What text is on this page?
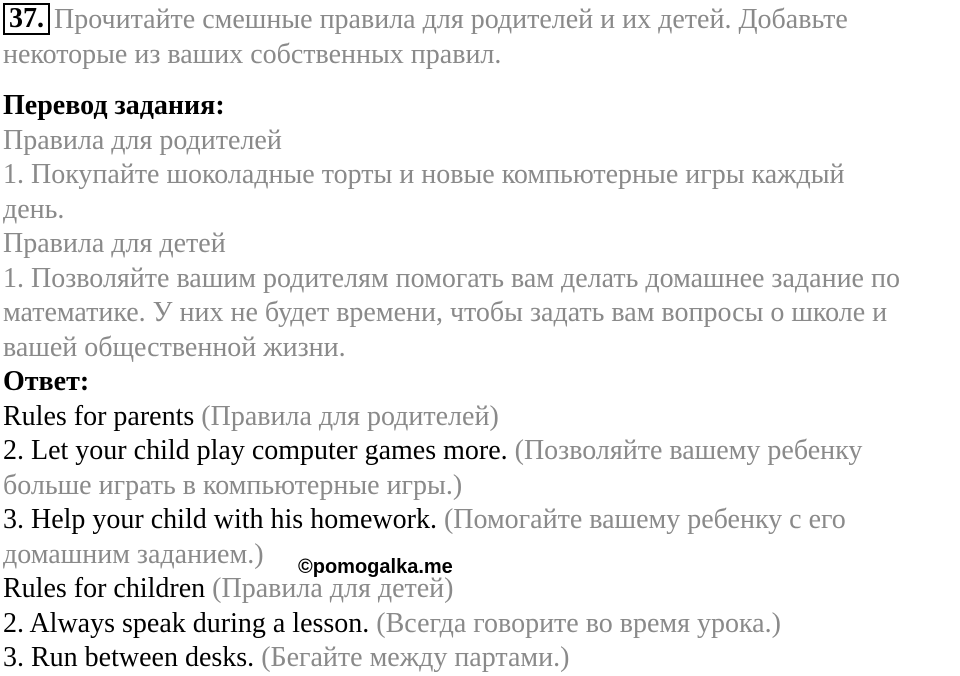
37. Прочитайте смешные правила для родителей и их детей. Добавьте
некоторые из ваших собственных правил.
Перевод задания:
Правила для родителей
1. Покупайте шоколадные торты и новые компьютерные игры каждый
день.
Правила для детей
1. Позволяйте вашим родителям помогать вам делать домашнее задание по
математике. У них не будет времени, чтобы задать вам вопросы о школе и
вашей общественной жизни.
Ответ:
Rules for parents (Правила для родителей)
2. Let your child play computer games more. (Позволяйте вашему ребенку
больше играть в компьютерные игры.)
3. Help your child with his homework. (Помогайте вашему ребенку с его
домашним заданием.)
Rules for children (Правила для детей)
2. Always speak during a lesson. (Всегда говорите во время урока.)
3. Run between desks. (Бегайте между партами.)
©pomogalka.me
